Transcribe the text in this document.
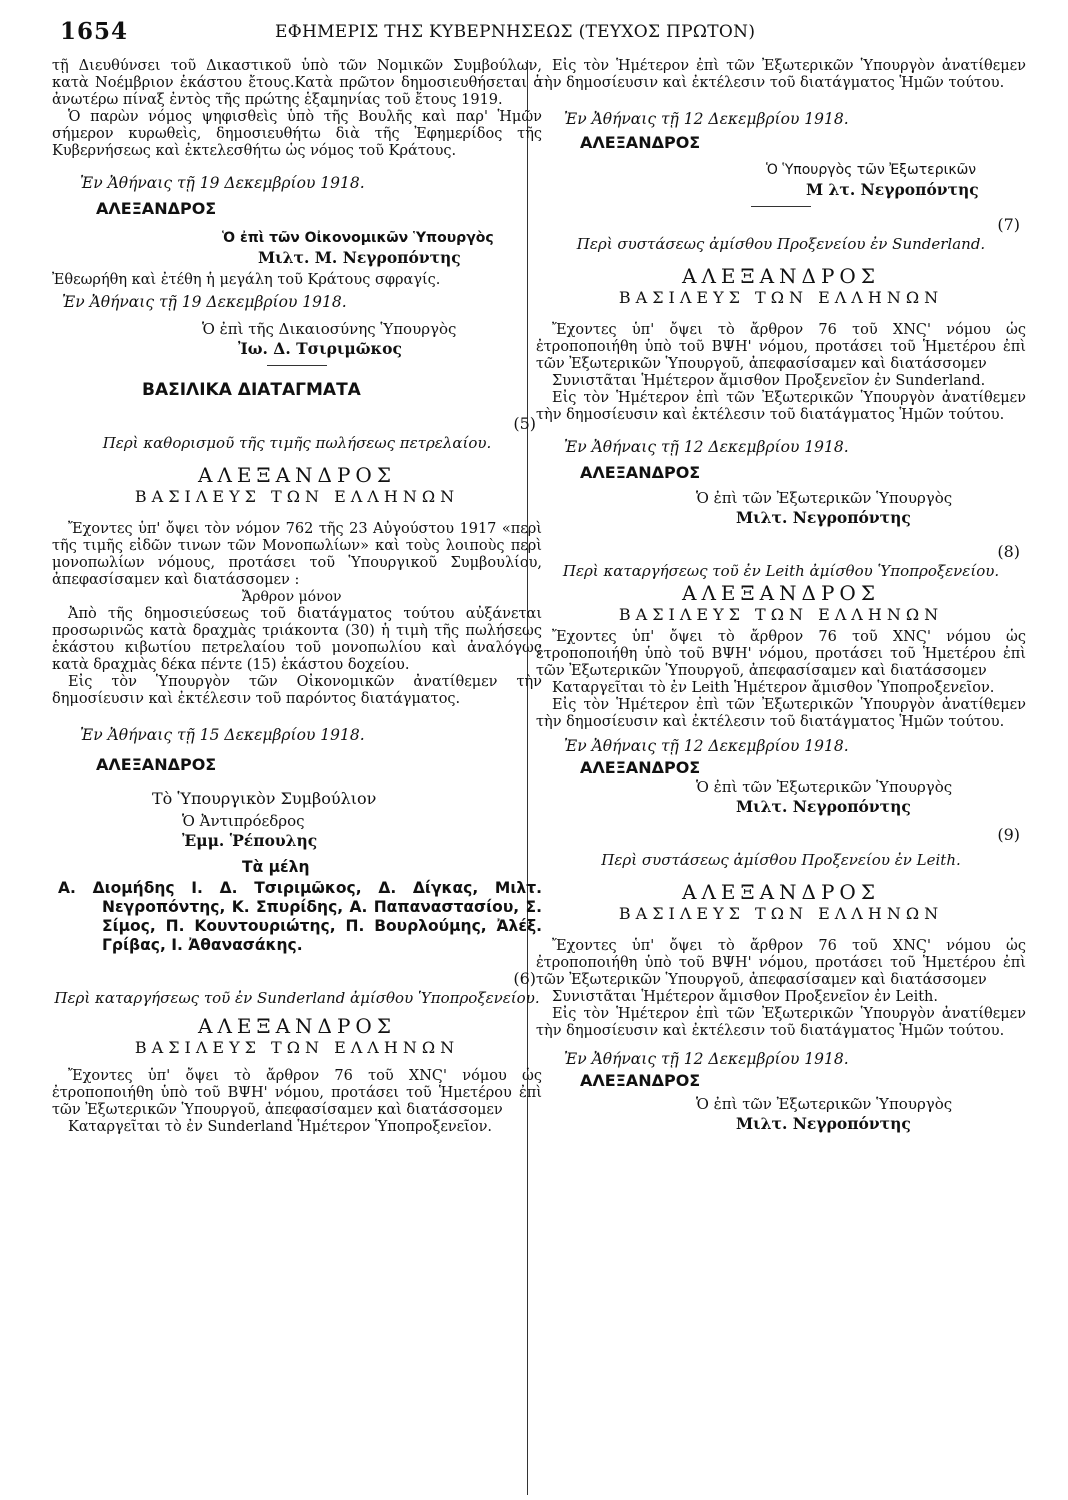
1654	ΕΦΗΜΕΡΙΣ ΤΗΣ ΚΥΒΕΡΝΗΣΕΩΣ (ΤΕΥΧΟΣ ΠΡΩΤΟΝ)

τῇ Διευθύνσει τοῦ Δικαστικοῦ ὑπὸ τῶν Νομικῶν Συμβούλων, κατὰ Νοέμβριον ἑκάστου ἔτους.Κατὰ πρῶτον δημοσιευθήσεται ὁ ἀνωτέρω πίναξ ἐντὸς τῆς πρώτης ἑξαμηνίας τοῦ ἔτους 1919.

Ὁ παρὼν νόμος ψηφισθεὶς ὑπὸ τῆς Βουλῆς καὶ παρ' Ἡμῶν σήμερον κυρωθεὶς, δημοσιευθήτω διὰ τῆς Ἐφημερίδος τῆς Κυβερνήσεως καὶ ἐκτελεσθήτω ὡς νόμος τοῦ Κράτους.

Ἐν Ἀθήναις τῇ 19 Δεκεμβρίου 1918.

ΑΛΕΞΑΝΔΡΟΣ

Ὁ ἐπὶ τῶν Οἰκονομικῶν Ὑπουργὸς

Μιλτ. Μ. Νεγροπόντης

Ἐθεωρήθη καὶ ἐτέθη ἡ μεγάλη τοῦ Κράτους σφραγίς.

Ἐν Ἀθήναις τῇ 19 Δεκεμβρίου 1918.

Ὁ ἐπὶ τῆς Δικαιοσύνης Ὑπουργὸς

Ἰω. Δ. Τσιριμῶκος

ΒΑΣΙΛΙΚΑ ΔΙΑΤΑΓΜΑΤΑ

(5)

Περὶ καθορισμοῦ τῆς τιμῆς πωλήσεως πετρελαίου.

ΑΛΕΞΑΝΔΡΟΣ

ΒΑΣΙΛΕΥΣ ΤΩΝ ΕΛΛΗΝΩΝ

Ἔχοντες ὑπ' ὄψει τὸν νόμον 762 τῆς 23 Αὐγούστου 1917 «περὶ τῆς τιμῆς εἰδῶν τινων τῶν Μονοπωλίων» καὶ τοὺς λοιποὺς περὶ μονοπωλίων νόμους, προτάσει τοῦ Ὑπουργικοῦ Συμβουλίου, ἀπεφασίσαμεν καὶ διατάσσομεν :

Ἄρθρον μόνον

Ἀπὸ τῆς δημοσιεύσεως τοῦ διατάγματος τούτου αὐξάνεται προσωρινῶς κατὰ δραχμὰς τριάκοντα (30) ἡ τιμὴ τῆς πωλήσεως ἑκάστου κιβωτίου πετρελαίου τοῦ μονοπωλίου καὶ ἀναλόγως κατὰ δραχμὰς δέκα πέντε (15) ἑκάστου δοχείου.

Εἰς τὸν Ὑπουργὸν τῶν Οἰκονομικῶν ἀνατίθεμεν τὴν δημοσίευσιν καὶ ἐκτέλεσιν τοῦ παρόντος διατάγματος.

Ἐν Ἀθήναις τῇ 15 Δεκεμβρίου 1918.

ΑΛΕΞΑΝΔΡΟΣ

Τὸ Ὑπουργικὸν Συμβούλιον

Ὁ Ἀντιπρόεδρος

Ἐμμ. Ῥέπουλης

Τὰ μέλη

Α. Διομήδης Ι. Δ. Τσιριμῶκος, Δ. Δίγκας, Μιλτ. Νεγροπόντης, Κ. Σπυρίδης, Α. Παπαναστασίου, Σ. Σίμος, Π. Κουντουριώτης, Π. Βουρλούμης, Ἀλέξ. Γρίβας, Ι. Ἀθανασάκης.

(6)

Περὶ καταργήσεως τοῦ ἐν Sunderland ἀμίσθου Ὑποπροξενείου.

ΑΛΕΞΑΝΔΡΟΣ

ΒΑΣΙΛΕΥΣ ΤΩΝ ΕΛΛΗΝΩΝ

Ἔχοντες ὑπ' ὄψει τὸ ἄρθρον 76 τοῦ ΧΝϚ' νόμου ὡς ἐτροποποιήθη ὑπὸ τοῦ ΒΨΗ' νόμου, προτάσει τοῦ Ἡμετέρου ἐπὶ τῶν Ἐξωτερικῶν Ὑπουργοῦ, ἀπεφασίσαμεν καὶ διατάσσομεν

Καταργεῖται τὸ ἐν Sunderland Ἡμέτερον Ὑποπροξενεῖον.

Εἰς τὸν Ἡμέτερον ἐπὶ τῶν Ἐξωτερικῶν Ὑπουργὸν ἀνατίθεμεν τὴν δημοσίευσιν καὶ ἐκτέλεσιν τοῦ διατάγματος Ἡμῶν τούτου.

Ἐν Ἀθήναις τῇ 12 Δεκεμβρίου 1918.

ΑΛΕΞΑΝΔΡΟΣ

Ὁ Ὑπουργὸς τῶν Ἐξωτερικῶν

Μ λτ. Νεγροπόντης

(7)

Περὶ συστάσεως ἀμίσθου Προξενείου ἐν Sunderland.

ΑΛΕΞΑΝΔΡΟΣ

ΒΑΣΙΛΕΥΣ ΤΩΝ ΕΛΛΗΝΩΝ

Ἔχοντες ὑπ' ὄψει τὸ ἄρθρον 76 τοῦ ΧΝϚ' νόμου ὡς ἐτροποποιήθη ὑπὸ τοῦ ΒΨΗ' νόμου, προτάσει τοῦ Ἡμετέρου ἐπὶ τῶν Ἐξωτερικῶν Ὑπουργοῦ, ἀπεφασίσαμεν καὶ διατάσσομεν

Συνιστᾶται Ἡμέτερον ἄμισθον Προξενεῖον ἐν Sunderland.

Εἰς τὸν Ἡμέτερον ἐπὶ τῶν Ἐξωτερικῶν Ὑπουργὸν ἀνατίθεμεν τὴν δημοσίευσιν καὶ ἐκτέλεσιν τοῦ διατάγματος Ἡμῶν τούτου.

Ἐν Ἀθήναις τῇ 12 Δεκεμβρίου 1918.

ΑΛΕΞΑΝΔΡΟΣ

Ὁ ἐπὶ τῶν Ἐξωτερικῶν Ὑπουργὸς

Μιλτ. Νεγροπόντης

(8)

Περὶ καταργήσεως τοῦ ἐν Leith ἀμίσθου Ὑποπροξενείου.

ΑΛΕΞΑΝΔΡΟΣ

ΒΑΣΙΛΕΥΣ ΤΩΝ ΕΛΛΗΝΩΝ

Ἔχοντες ὑπ' ὄψει τὸ ἄρθρον 76 τοῦ ΧΝϚ' νόμου ὡς ἐτροποποιήθη ὑπὸ τοῦ ΒΨΗ' νόμου, προτάσει τοῦ Ἡμετέρου ἐπὶ τῶν Ἐξωτερικῶν Ὑπουργοῦ, ἀπεφασίσαμεν καὶ διατάσσομεν

Καταργεῖται τὸ ἐν Leith Ἡμέτερον ἄμισθον Ὑποπροξενεῖον.

Εἰς τὸν Ἡμέτερον ἐπὶ τῶν Ἐξωτερικῶν Ὑπουργὸν ἀνατίθεμεν τὴν δημοσίευσιν καὶ ἐκτέλεσιν τοῦ διατάγματος Ἡμῶν τούτου.

Ἐν Ἀθήναις τῇ 12 Δεκεμβρίου 1918.

ΑΛΕΞΑΝΔΡΟΣ

Ὁ ἐπὶ τῶν Ἐξωτερικῶν Ὑπουργὸς

Μιλτ. Νεγροπόντης

(9)

Περὶ συστάσεως ἀμίσθου Προξενείου ἐν Leith.

ΑΛΕΞΑΝΔΡΟΣ

ΒΑΣΙΛΕΥΣ ΤΩΝ ΕΛΛΗΝΩΝ

Ἔχοντες ὑπ' ὄψει τὸ ἄρθρον 76 τοῦ ΧΝϚ' νόμου ὡς ἐτροποποιήθη ὑπὸ τοῦ ΒΨΗ' νόμου, προτάσει τοῦ Ἡμετέρου ἐπὶ τῶν Ἐξωτερικῶν Ὑπουργοῦ, ἀπεφασίσαμεν καὶ διατάσσομεν

Συνιστᾶται Ἡμέτερον ἄμισθον Προξενεῖον ἐν Leith.

Εἰς τὸν Ἡμέτερον ἐπὶ τῶν Ἐξωτερικῶν Ὑπουργὸν ἀνατίθεμεν τὴν δημοσίευσιν καὶ ἐκτέλεσιν τοῦ διατάγματος Ἡμῶν τούτου.

Ἐν Ἀθήναις τῇ 12 Δεκεμβρίου 1918.

ΑΛΕΞΑΝΔΡΟΣ

Ὁ ἐπὶ τῶν Ἐξωτερικῶν Ὑπουργὸς

Μιλτ. Νεγροπόντης
